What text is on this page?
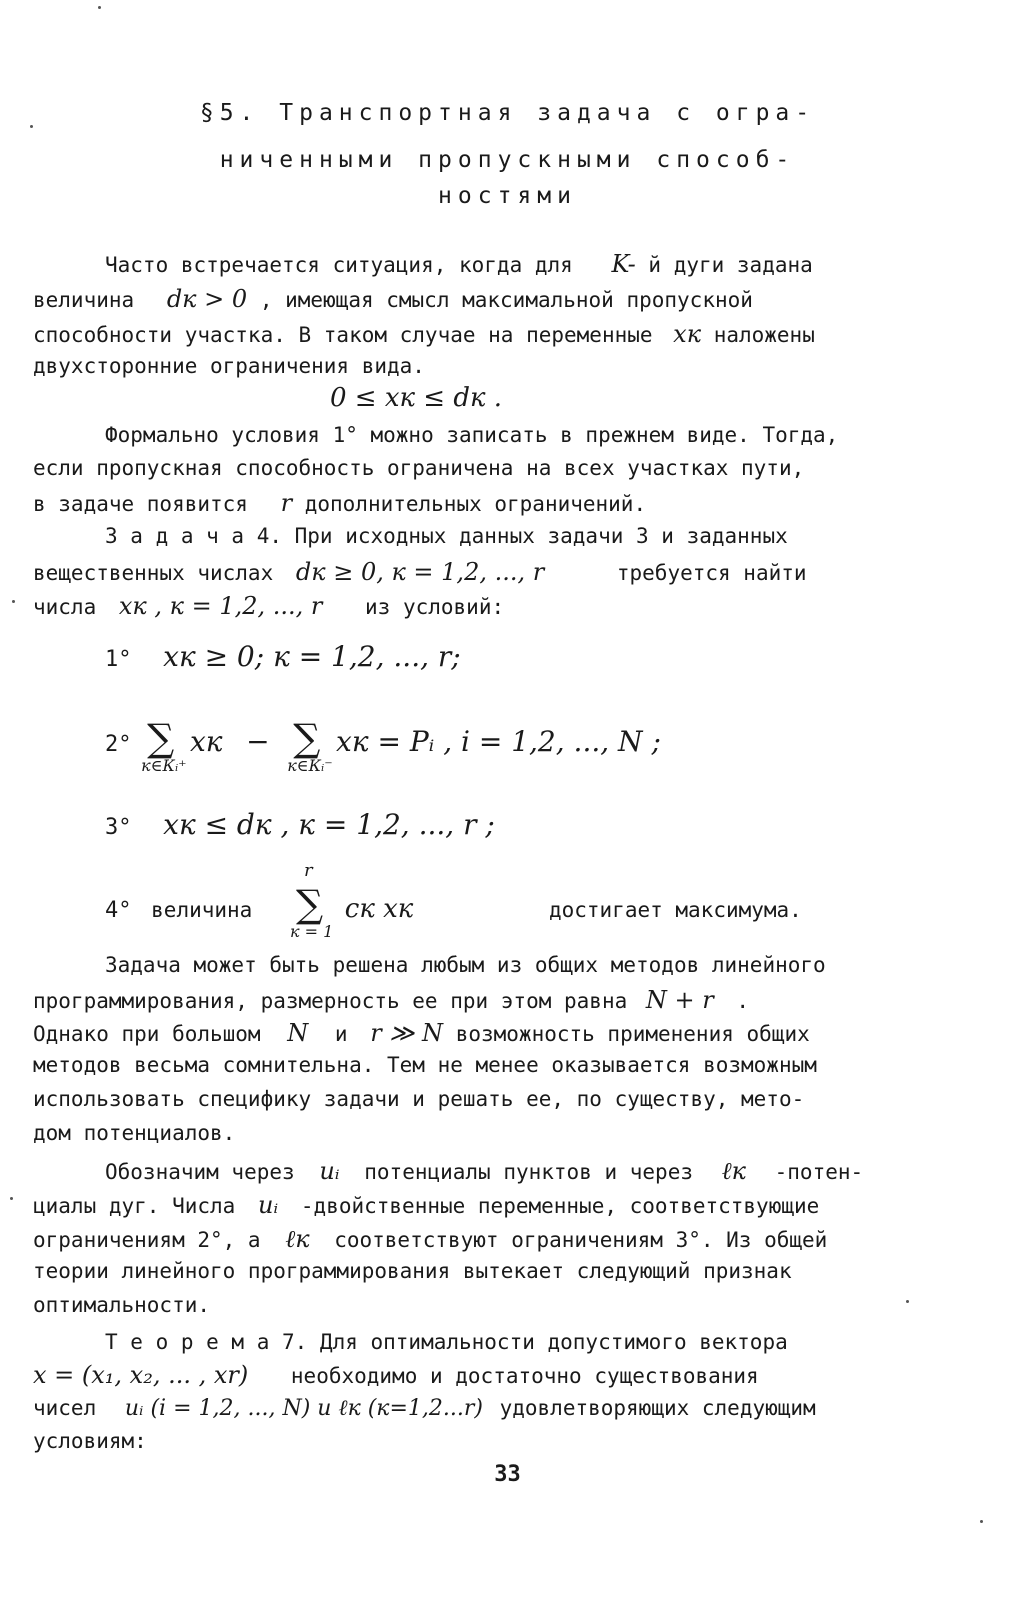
§5. Транспортная задача с огра-
ниченными пропускными способ-
ностями
Часто встречается ситуация, когда для K- й дуги задана
величина dк > 0 , имеющая смысл максимальной пропускной
способности участка. В таком случае на переменные xк наложены
двухсторонние ограничения вида.
0 ≤ xк ≤ dк .
Формально условия 1° можно записать в прежнем виде. Тогда,
если пропускная способность ограничена на всех участках пути,
в задаче появится r дополнительных ограничений.
З а д а ч а 4. При исходных данных задачи 3 и заданных
вещественных числах dк ≥ 0, к = 1,2, ..., r	требуется найти
числа xк , к = 1,2, ..., r из условий:
1° xк ≥ 0; к = 1,2, ..., r;
2° ∑
к∈Кᵢ⁺
xк − ∑
к∈Кᵢ⁻
xк = Pᵢ , i = 1,2, ..., N ;
3° xк ≤ dк , к = 1,2, ..., r ;
4° величина
r
∑
к = 1
cк xк	достигает максимума.
Задача может быть решена любым из общих методов линейного
программирования, размерность ее при этом равна N + r .
Однако при большом N и r ≫ N возможность применения общих
методов весьма сомнительна. Тем не менее оказывается возможным
использовать специфику задачи и решать ее, по существу, мето-
дом потенциалов.
Обозначим через uᵢ потенциалы пунктов и через ℓк -потен-
циалы дуг. Числа uᵢ -двойственные переменные, соответствующие
ограничениям 2°, а ℓк соответствуют ограничениям 3°. Из общей
теории линейного программирования вытекает следующий признак
оптимальности.
Т е о р е м а 7. Для оптимальности допустимого вектора
x = (x₁, x₂, ... , xr) необходимо и достаточно существования
чисел uᵢ (i = 1,2, ..., N) и ℓк (к=1,2...r) удовлетворяющих следующим
условиям:
33
